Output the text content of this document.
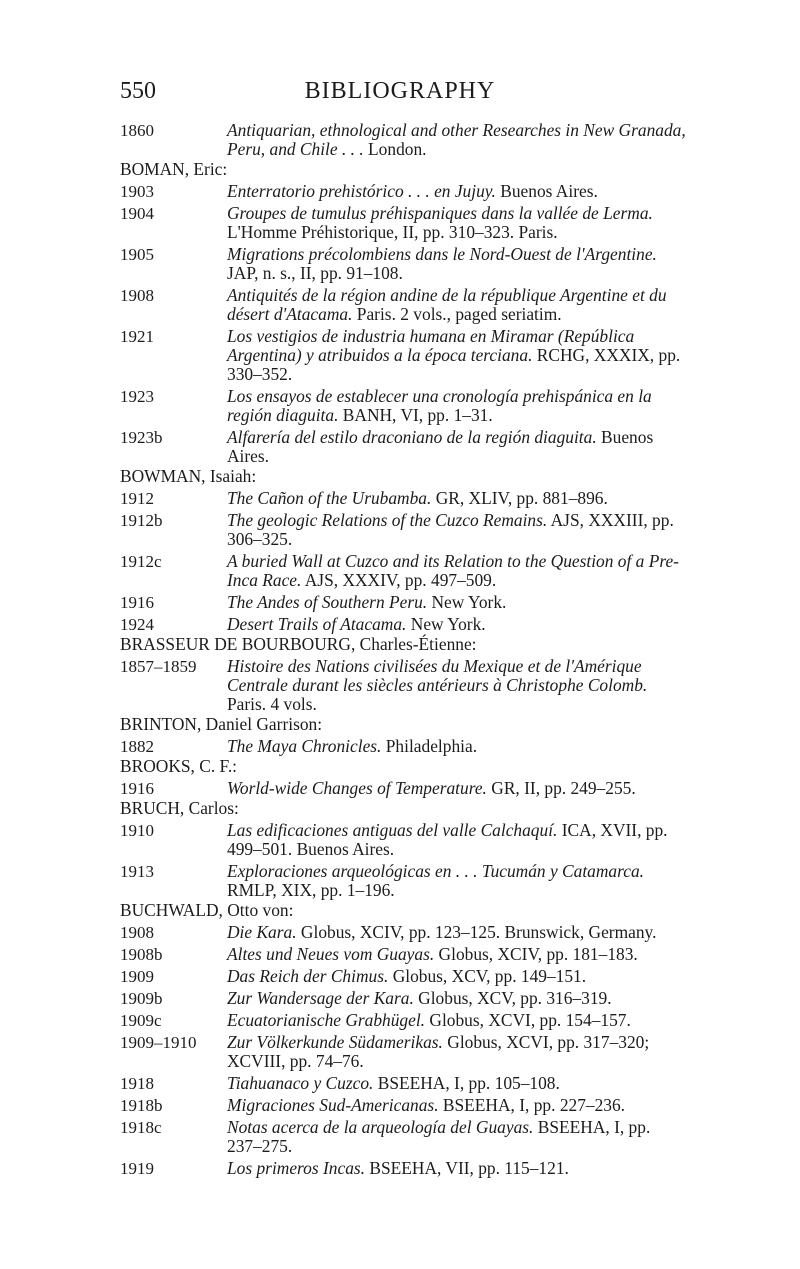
550	BIBLIOGRAPHY
1860	Antiquarian, ethnological and other Researches in New Granada, Peru, and Chile . . . London.
BOMAN, Eric:
1903	Enterratorio prehistórico . . . en Jujuy. Buenos Aires.
1904	Groupes de tumulus préhispaniques dans la vallée de Lerma. L'Homme Préhistorique, II, pp. 310–323. Paris.
1905	Migrations précolombiens dans le Nord-Ouest de l'Argentine. JAP, n. s., II, pp. 91–108.
1908	Antiquités de la région andine de la république Argentine et du désert d'Atacama. Paris. 2 vols., paged seriatim.
1921	Los vestigios de industria humana en Miramar (República Argentina) y atribuidos a la época terciana. RCHG, XXXIX, pp. 330–352.
1923	Los ensayos de establecer una cronología prehispánica en la región diaguita. BANH, VI, pp. 1–31.
1923b	Alfarería del estilo draconiano de la región diaguita. Buenos Aires.
BOWMAN, Isaiah:
1912	The Cañon of the Urubamba. GR, XLIV, pp. 881–896.
1912b	The geologic Relations of the Cuzco Remains. AJS, XXXIII, pp. 306–325.
1912c	A buried Wall at Cuzco and its Relation to the Question of a Pre-Inca Race. AJS, XXXIV, pp. 497–509.
1916	The Andes of Southern Peru. New York.
1924	Desert Trails of Atacama. New York.
BRASSEUR DE BOURBOURG, Charles-Étienne:
1857–1859 Histoire des Nations civilisées du Mexique et de l'Amérique Centrale durant les siècles antérieurs à Christophe Colomb. Paris. 4 vols.
BRINTON, Daniel Garrison:
1882	The Maya Chronicles. Philadelphia.
BROOKS, C. F.:
1916	World-wide Changes of Temperature. GR, II, pp. 249–255.
BRUCH, Carlos:
1910	Las edificaciones antiguas del valle Calchaquí. ICA, XVII, pp. 499–501. Buenos Aires.
1913	Exploraciones arqueológicas en . . . Tucumán y Catamarca. RMLP, XIX, pp. 1–196.
BUCHWALD, Otto von:
1908	Die Kara. Globus, XCIV, pp. 123–125. Brunswick, Germany.
1908b	Altes und Neues vom Guayas. Globus, XCIV, pp. 181–183.
1909	Das Reich der Chimus. Globus, XCV, pp. 149–151.
1909b	Zur Wandersage der Kara. Globus, XCV, pp. 316–319.
1909c	Ecuatorianische Grabhügel. Globus, XCVI, pp. 154–157.
1909–1910 Zur Völkerkunde Südamerikas. Globus, XCVI, pp. 317–320; XCVIII, pp. 74–76.
1918	Tiahuanaco y Cuzco. BSEEHA, I, pp. 105–108.
1918b	Migraciones Sud-Americanas. BSEEHA, I, pp. 227–236.
1918c	Notas acerca de la arqueología del Guayas. BSEEHA, I, pp. 237–275.
1919	Los primeros Incas. BSEEHA, VII, pp. 115–121.
